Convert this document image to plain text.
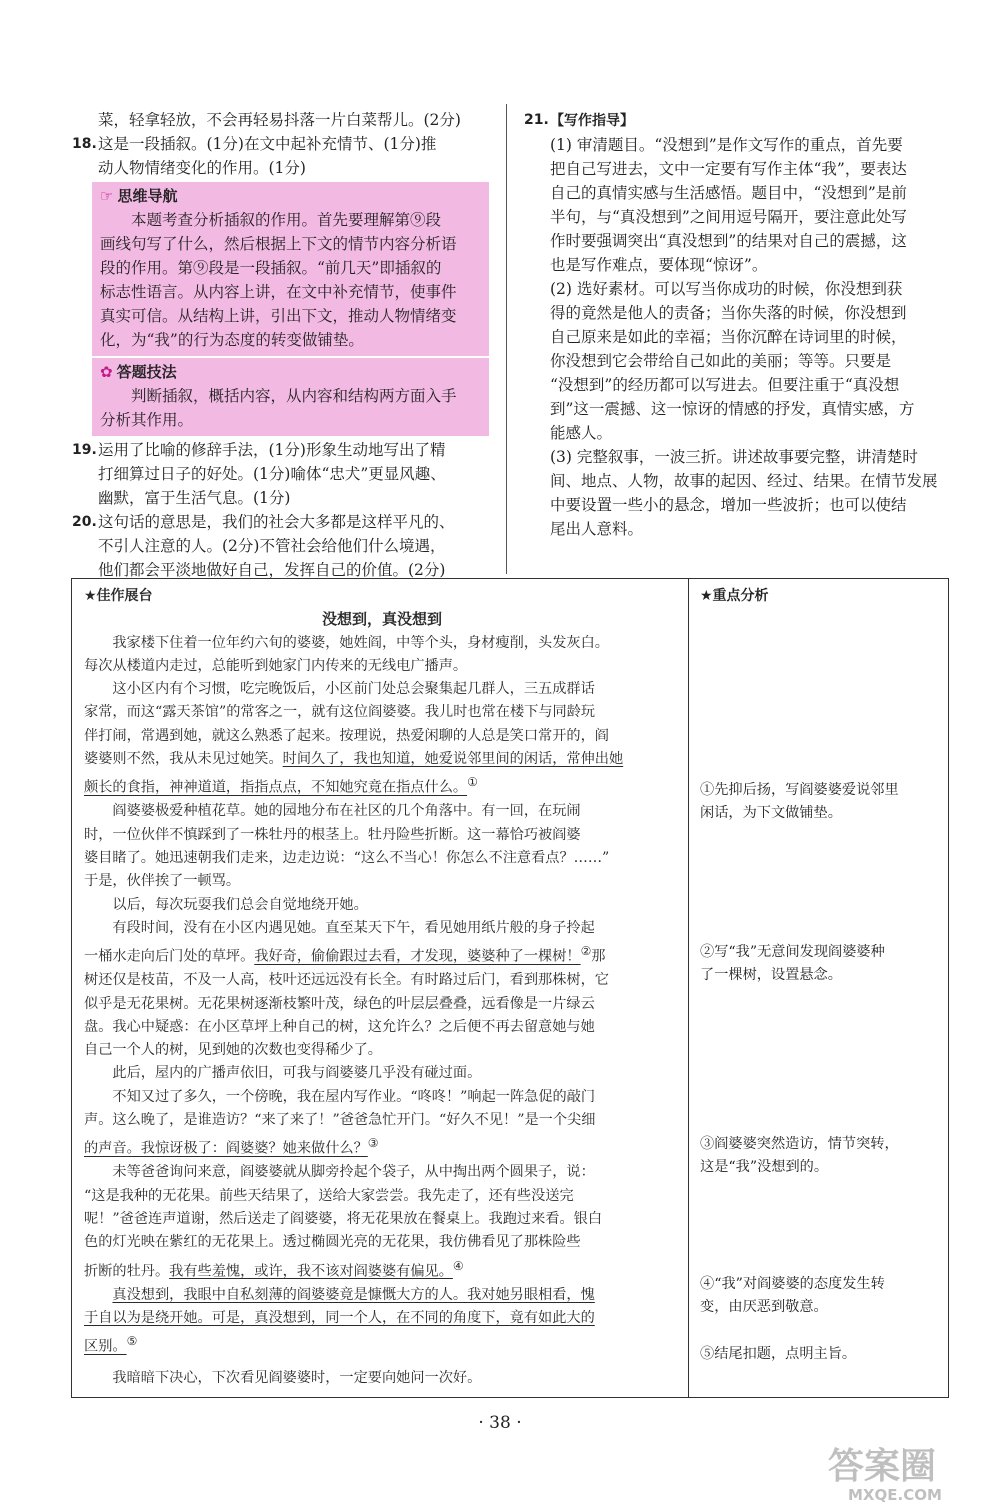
菜，轻拿轻放，不会再轻易抖落一片白菜帮儿。(2分)

18. 这是一段插叙。(1分)在文中起补充情节、(1分)推

动人物情绪变化的作用。(1分)

☞ 思维导航

本题考查分析插叙的作用。首先要理解第⑨段

画线句写了什么，然后根据上下文的情节内容分析语

段的作用。第⑨段是一段插叙。“前几天”即插叙的

标志性语言。从内容上讲，在文中补充情节，使事件

真实可信。从结构上讲，引出下文，推动人物情绪变

化，为“我”的行为态度的转变做铺垫。

✿ 答题技法

判断插叙，概括内容，从内容和结构两方面入手

分析其作用。

19. 运用了比喻的修辞手法，(1分)形象生动地写出了精

打细算过日子的好处。(1分)喻体“忠犬”更显风趣、

幽默，富于生活气息。(1分)

20. 这句话的意思是，我们的社会大多都是这样平凡的、

不引人注意的人。(2分)不管社会给他们什么境遇，

他们都会平淡地做好自己，发挥自己的价值。(2分)

21. 【写作指导】

(1) 审清题目。“没想到”是作文写作的重点，首先要

把自己写进去，文中一定要有写作主体“我”，要表达

自己的真情实感与生活感悟。题目中，“没想到”是前

半句，与“真没想到”之间用逗号隔开，要注意此处写

作时要强调突出“真没想到”的结果对自己的震撼，这

也是写作难点，要体现“惊讶”。

(2) 选好素材。可以写当你成功的时候，你没想到获

得的竟然是他人的责备；当你失落的时候，你没想到

自己原来是如此的幸福；当你沉醉在诗词里的时候，

你没想到它会带给自己如此的美丽；等等。只要是

“没想到”的经历都可以写进去。但要注重于“真没想

到”这一震撼、这一惊讶的情感的抒发，真情实感，方

能感人。

(3) 完整叙事，一波三折。讲述故事要完整，讲清楚时

间、地点、人物，故事的起因、经过、结果。在情节发展

中要设置一些小的悬念，增加一些波折；也可以使结

尾出人意料。

★佳作展台

没想到，真没想到

我家楼下住着一位年约六旬的婆婆，她姓阎，中等个头，身材瘦削，头发灰白。

每次从楼道内走过，总能听到她家门内传来的无线电广播声。

这小区内有个习惯，吃完晚饭后，小区前门处总会聚集起几群人，三五成群话

家常，而这“露天茶馆”的常客之一，就有这位阎婆婆。我儿时也常在楼下与同龄玩

伴打闹，常遇到她，就这么熟悉了起来。按理说，热爱闲聊的人总是笑口常开的，阎

婆婆则不然，我从未见过她笑。时间久了，我也知道，她爱说邻里间的闲话，常伸出她

颇长的食指，神神道道，指指点点，不知她究竟在指点什么。①

阎婆婆极爱种植花草。她的园地分布在社区的几个角落中。有一回，在玩闹

时，一位伙伴不慎踩到了一株牡丹的根茎上。牡丹险些折断。这一幕恰巧被阎婆

婆目睹了。她迅速朝我们走来，边走边说：“这么不当心！你怎么不注意看点？……”

于是，伙伴挨了一顿骂。

以后，每次玩耍我们总会自觉地绕开她。

有段时间，没有在小区内遇见她。直至某天下午，看见她用纸片般的身子拎起

一桶水走向后门处的草坪。我好奇，偷偷跟过去看，才发现，婆婆种了一棵树！②那

树还仅是枝苗，不及一人高，枝叶还远远没有长全。有时路过后门，看到那株树，它

似乎是无花果树。无花果树逐渐枝繁叶茂，绿色的叶层层叠叠，远看像是一片绿云

盘。我心中疑惑：在小区草坪上种自己的树，这允许么？之后便不再去留意她与她

自己一个人的树，见到她的次数也变得稀少了。

此后，屋内的广播声依旧，可我与阎婆婆几乎没有碰过面。

不知又过了多久，一个傍晚，我在屋内写作业。“咚咚！”响起一阵急促的敲门

声。这么晚了，是谁造访？“来了来了！”爸爸急忙开门。“好久不见！”是一个尖细

的声音。我惊讶极了：阎婆婆？她来做什么？③

未等爸爸询问来意，阎婆婆就从脚旁拎起个袋子，从中掏出两个圆果子，说：

“这是我种的无花果。前些天结果了，送给大家尝尝。我先走了，还有些没送完

呢！”爸爸连声道谢，然后送走了阎婆婆，将无花果放在餐桌上。我跑过来看。银白

色的灯光映在紫红的无花果上。透过椭圆光亮的无花果，我仿佛看见了那株险些

折断的牡丹。我有些羞愧，或许，我不该对阎婆婆有偏见。④

真没想到，我眼中自私刻薄的阎婆婆竟是慷慨大方的人。我对她另眼相看，愧

于自以为是绕开她。可是，真没想到，同一个人，在不同的角度下，竟有如此大的

区别。⑤

我暗暗下决心，下次看见阎婆婆时，一定要向她问一次好。

★重点分析

①先抑后扬，写阎婆婆爱说邻里
闲话，为下文做铺垫。
②写“我”无意间发现阎婆婆种
了一棵树，设置悬念。
③阎婆婆突然造访，情节突转，
这是“我”没想到的。
④“我”对阎婆婆的态度发生转
变，由厌恶到敬意。
⑤结尾扣题，点明主旨。
· 38 ·
答案圈
MXQE.COM
